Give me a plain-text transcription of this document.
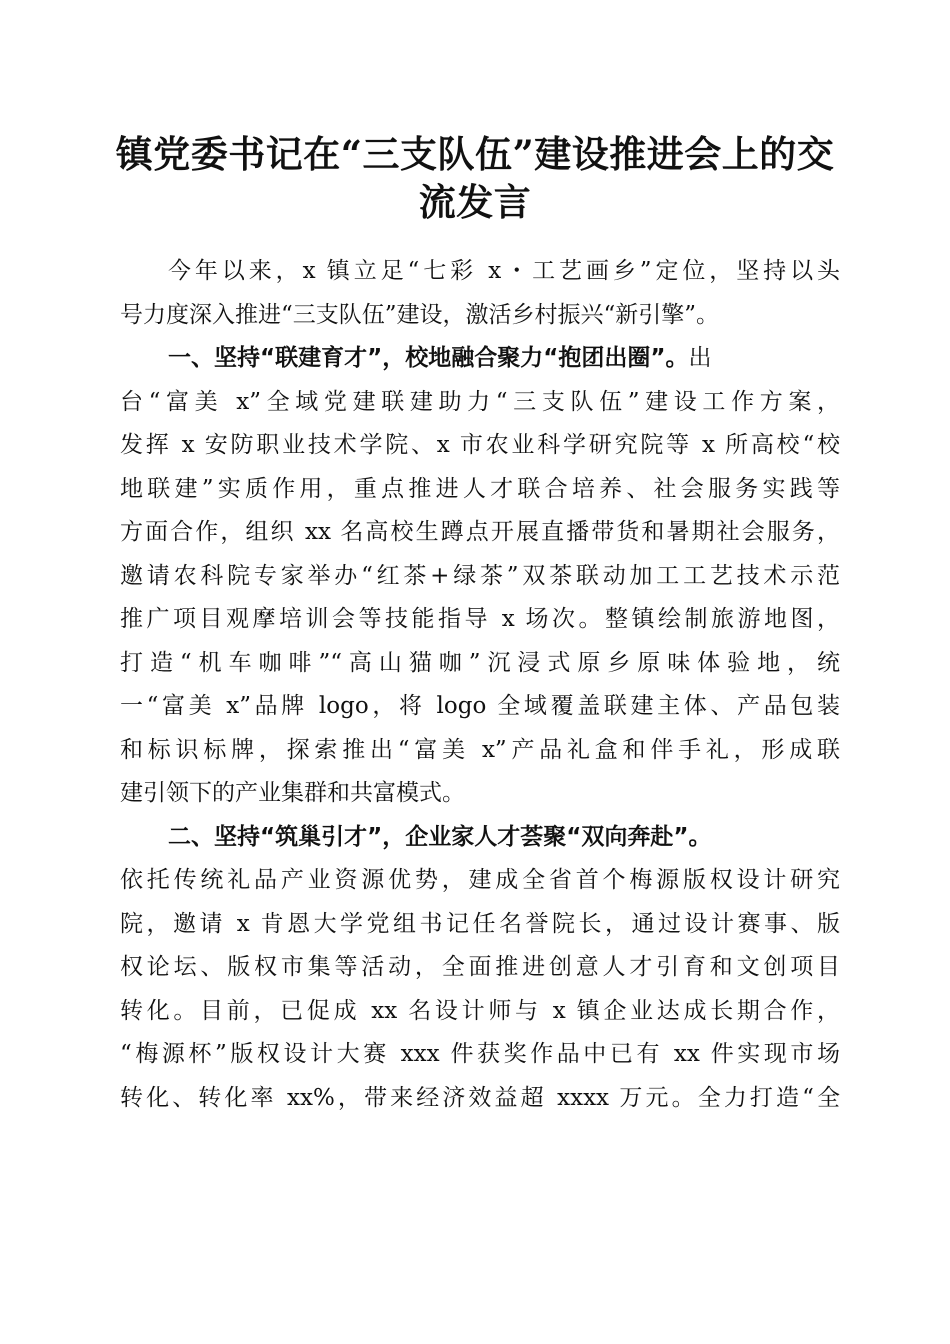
镇党委书记在“三支队伍”建设推进会上的交
流发言
今年以来，x 镇立足“七彩 x・工艺画乡”定位，坚持以头
号力度深入推进“三支队伍”建设，激活乡村振兴“新引擎”。
一、坚持“联建育才”，校地融合聚力“抱团出圈”。出
台“富美 x”全域党建联建助力“三支队伍”建设工作方案，
发挥 x 安防职业技术学院、x 市农业科学研究院等 x 所高校“校
地联建”实质作用，重点推进人才联合培养、社会服务实践等
方面合作，组织 xx 名高校生蹲点开展直播带货和暑期社会服务，
邀请农科院专家举办“红茶+绿茶”双茶联动加工工艺技术示范
推广项目观摩培训会等技能指导 x 场次。整镇绘制旅游地图，
打造“机车咖啡”“高山猫咖”沉浸式原乡原味体验地，统
一“富美 x”品牌 logo，将 logo 全域覆盖联建主体、产品包装
和标识标牌，探索推出“富美 x”产品礼盒和伴手礼，形成联
建引领下的产业集群和共富模式。
二、坚持“筑巢引才”，企业家人才荟聚“双向奔赴”。
依托传统礼品产业资源优势，建成全省首个梅源版权设计研究
院，邀请 x 肯恩大学党组书记任名誉院长，通过设计赛事、版
权论坛、版权市集等活动，全面推进创意人才引育和文创项目
转化。目前，已促成 xx 名设计师与 x 镇企业达成长期合作，
“梅源杯”版权设计大赛 xxx 件获奖作品中已有 xx 件实现市场
转化、转化率 xx%，带来经济效益超 xxxx 万元。全力打造“全
